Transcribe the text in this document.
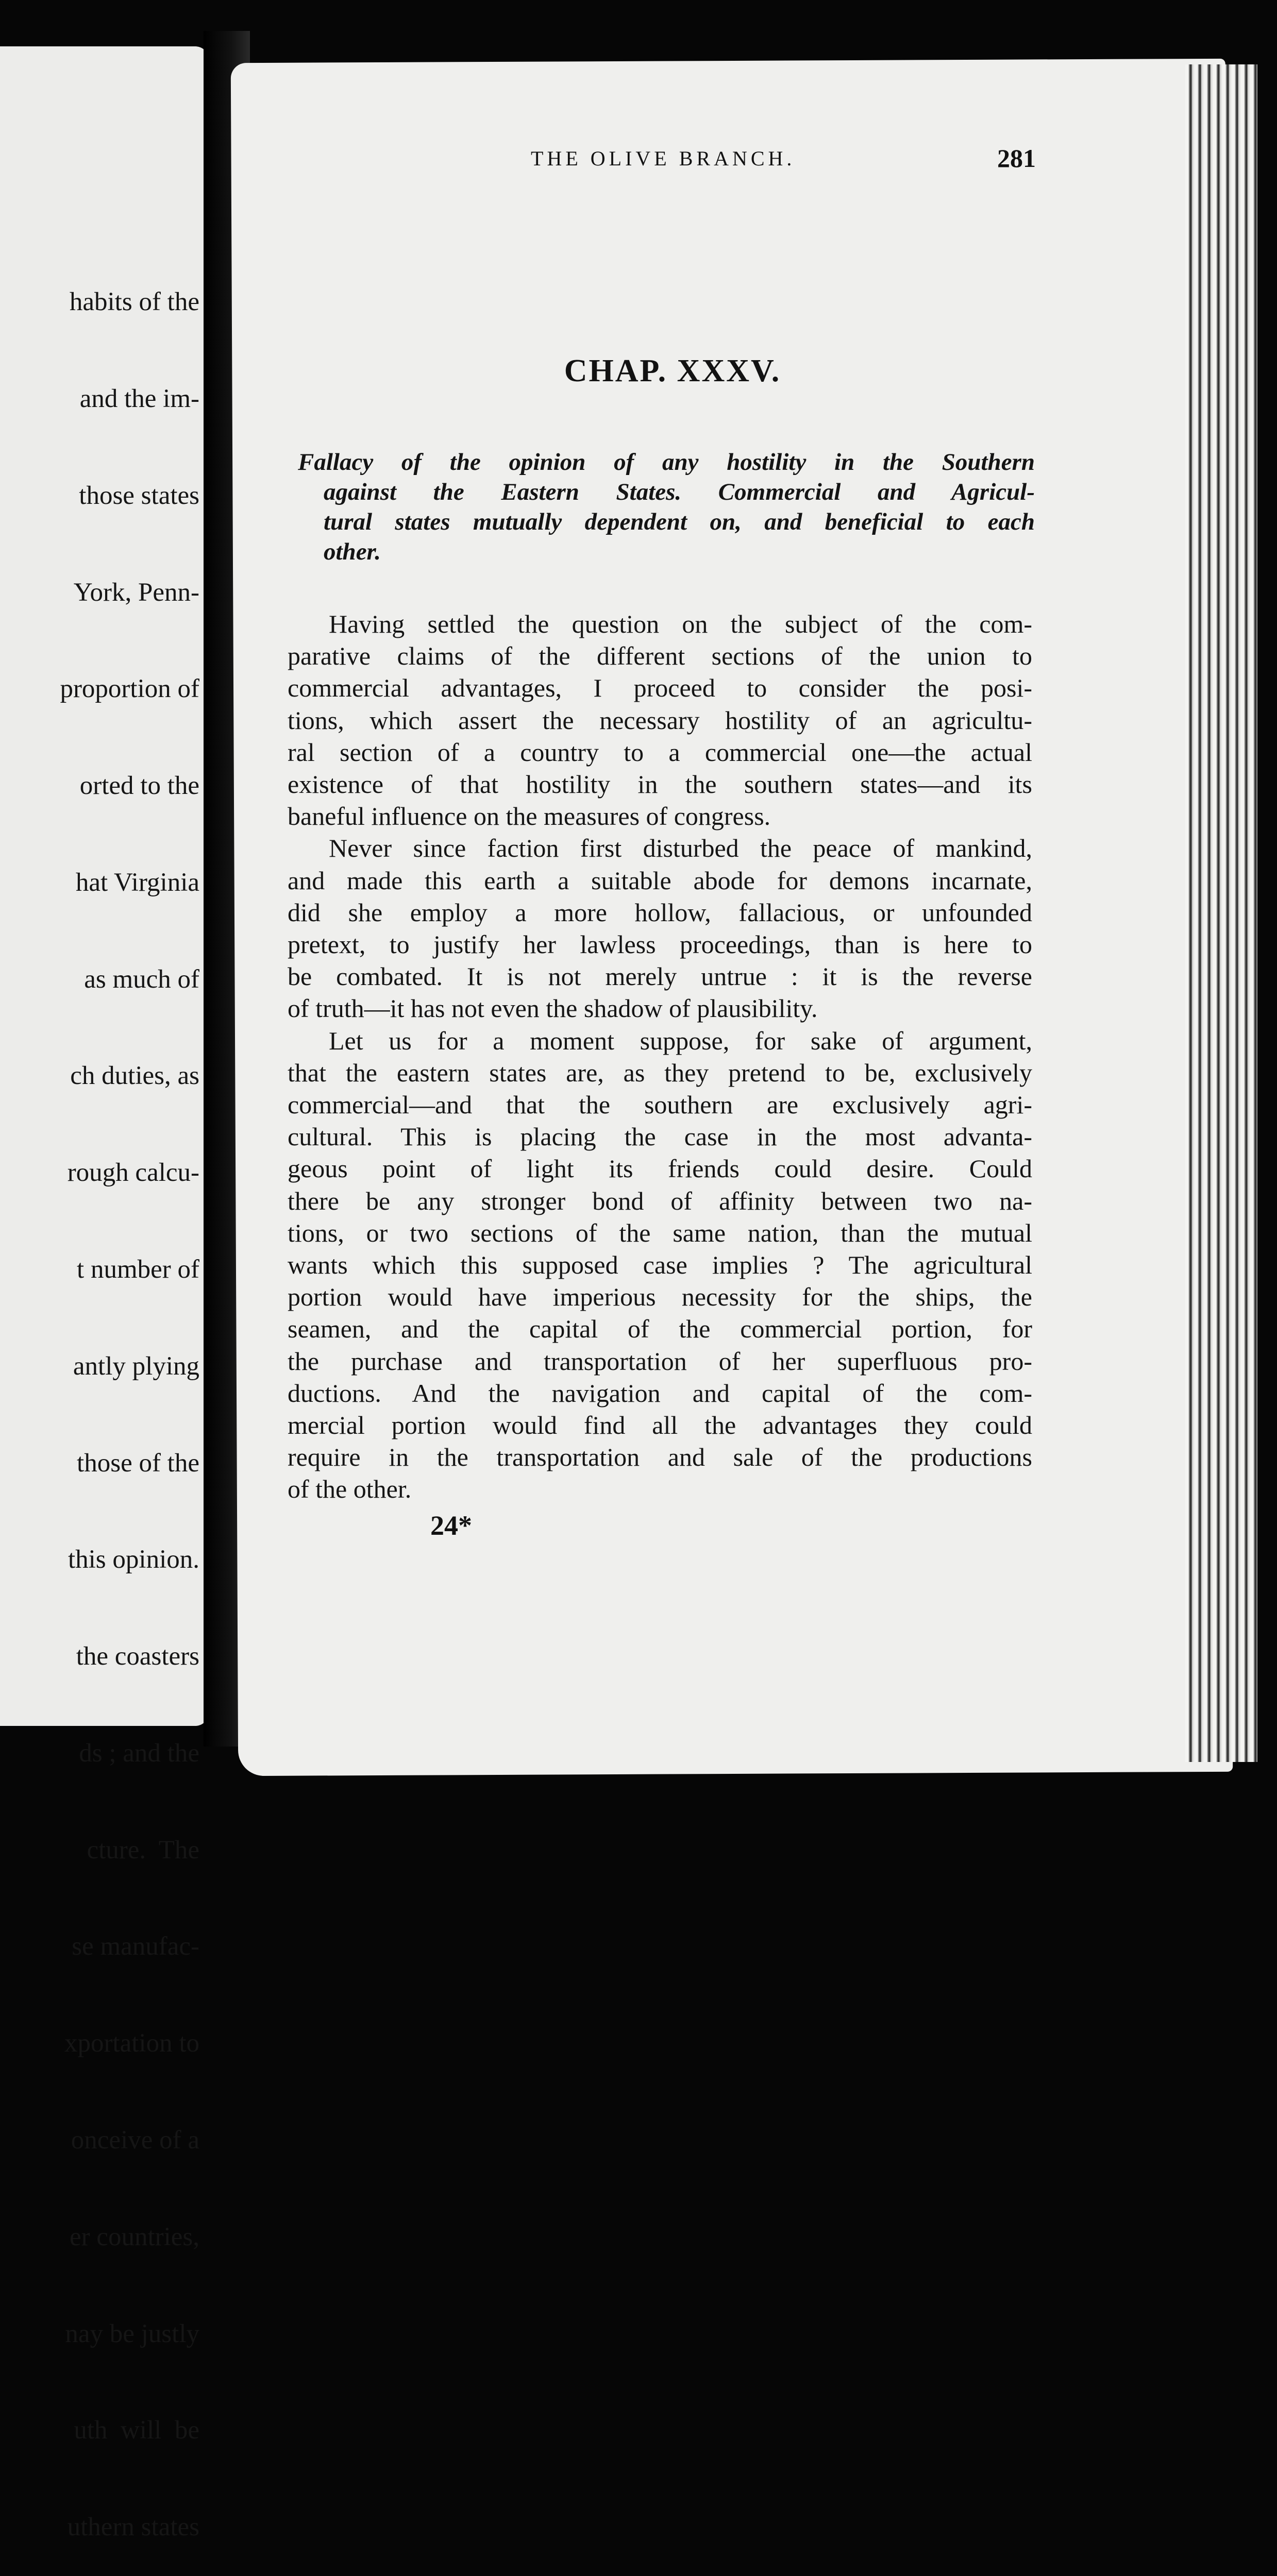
habits of the

and the im-

those states

York, Penn-

proportion of

orted to the

hat Virginia

as much of

ch duties, as

rough calcu-

t number of

antly plying

those of the

this opinion.

the coasters

ds ; and the

cture.  The

se manufac-

xportation to

onceive of a

er countries,

nay be justly

uth  will  be

uthern states

THE OLIVE BRANCH.	281
CHAP. XXXV.
Fallacy of the opinion of any hostility in the Southern
against the Eastern States. Commercial and Agricul-
tural states mutually dependent on, and beneficial to each
other.

Having settled the question on the subject of the com-
parative claims of the different sections of the union to
commercial advantages, I proceed to consider the posi-
tions, which assert the necessary hostility of an agricultu-
ral section of a country to a commercial one—the actual
existence of that hostility in the southern states—and its
baneful influence on the measures of congress.

Never since faction first disturbed the peace of mankind,
and made this earth a suitable abode for demons incarnate,
did she employ a more hollow, fallacious, or unfounded
pretext, to justify her lawless proceedings, than is here to
be combated. It is not merely untrue : it is the reverse
of truth—it has not even the shadow of plausibility.

Let us for a moment suppose, for sake of argument,
that the eastern states are, as they pretend to be, exclusively
commercial—and that the southern are exclusively agri-
cultural. This is placing the case in the most advanta-
geous point of light its friends could desire. Could
there be any stronger bond of affinity between two na-
tions, or two sections of the same nation, than the mutual
wants which this supposed case implies ? The agricultural
portion would have imperious necessity for the ships, the
seamen, and the capital of the commercial portion, for
the purchase and transportation of her superfluous pro-
ductions. And the navigation and capital of the com-
mercial portion would find all the advantages they could
require in the transportation and sale of the productions
of the other.

24*
